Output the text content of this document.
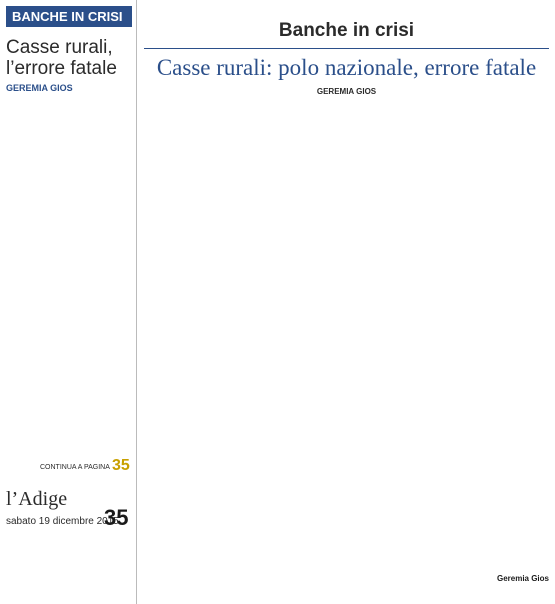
BANCHE IN CRISI
Casse rurali, l’errore fatale
GEREMIA GIOS
CONTINUA A PAGINA 35
l’Adige
sabato 19 dicembre 2015
35
Banche in crisi
Casse rurali: polo nazionale, errore fatale
GEREMIA GIOS
Geremia Gios
